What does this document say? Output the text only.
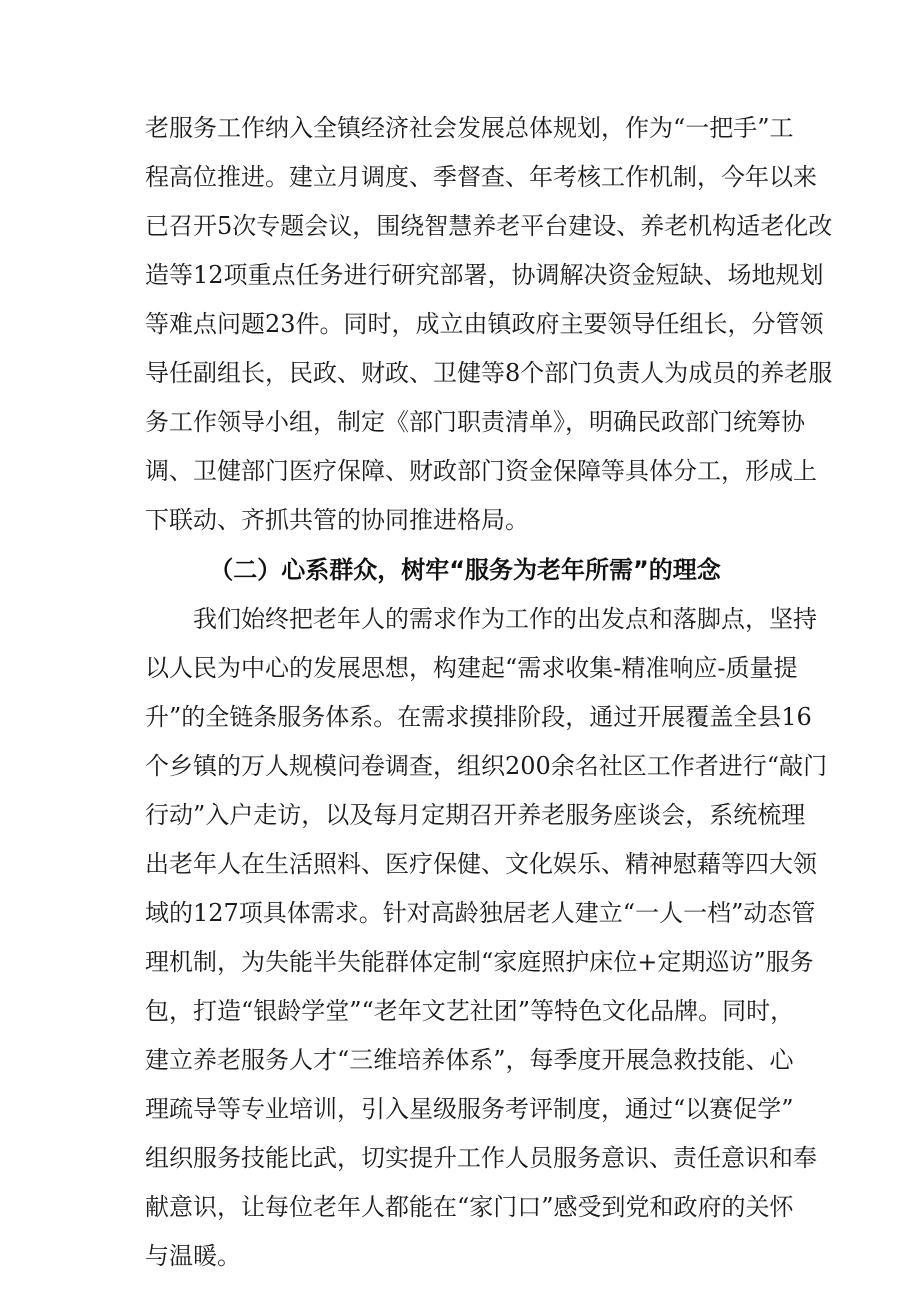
老服务工作纳入全镇经济社会发展总体规划，作为“一把手”工
程高位推进。建立月调度、季督查、年考核工作机制，今年以来
已召开5次专题会议，围绕智慧养老平台建设、养老机构适老化改
造等12项重点任务进行研究部署，协调解决资金短缺、场地规划
等难点问题23件。同时，成立由镇政府主要领导任组长，分管领
导任副组长，民政、财政、卫健等8个部门负责人为成员的养老服
务工作领导小组，制定《部门职责清单》，明确民政部门统筹协
调、卫健部门医疗保障、财政部门资金保障等具体分工，形成上
下联动、齐抓共管的协同推进格局。
（二）心系群众，树牢“服务为老年所需”的理念
我们始终把老年人的需求作为工作的出发点和落脚点，坚持
以人民为中心的发展思想，构建起“需求收集-精准响应-质量提
升”的全链条服务体系。在需求摸排阶段，通过开展覆盖全县16
个乡镇的万人规模问卷调查，组织200余名社区工作者进行“敲门
行动”入户走访，以及每月定期召开养老服务座谈会，系统梳理
出老年人在生活照料、医疗保健、文化娱乐、精神慰藉等四大领
域的127项具体需求。针对高龄独居老人建立“一人一档”动态管
理机制，为失能半失能群体定制“家庭照护床位+定期巡访”服务
包，打造“银龄学堂”“老年文艺社团”等特色文化品牌。同时，
建立养老服务人才“三维培养体系”，每季度开展急救技能、心
理疏导等专业培训，引入星级服务考评制度，通过“以赛促学”
组织服务技能比武，切实提升工作人员服务意识、责任意识和奉
献意识，让每位老年人都能在“家门口”感受到党和政府的关怀
与温暖。
